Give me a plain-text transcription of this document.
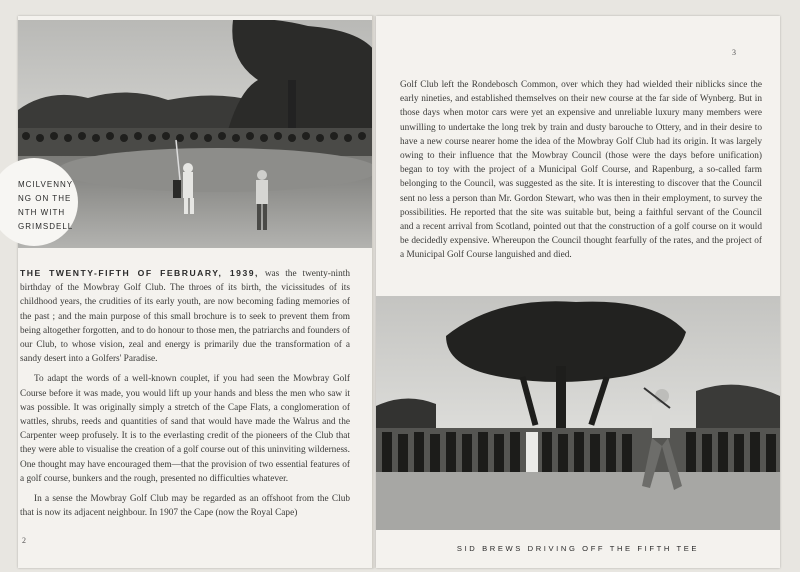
MCILVENNY
NG ON THE
NTH WITH
GRIMSDELL

THE TWENTY-FIFTH OF FEBRUARY, 1939, was the twenty-ninth birthday of the Mowbray Golf Club. The throes of its birth, the vicissitudes of its childhood years, the crudities of its early youth, are now becoming fading memories of the past ; and the main purpose of this small brochure is to seek to prevent them from being altogether forgotten, and to do honour to those men, the patriarchs and founders of our Club, to whose vision, zeal and energy is primarily due the transformation of a sandy desert into a Golfers' Paradise.

To adapt the words of a well-known couplet, if you had seen the Mowbray Golf Course before it was made, you would lift up your hands and bless the men who saw it was possible. It was originally simply a stretch of the Cape Flats, a conglomeration of wattles, shrubs, reeds and quantities of sand that would have made the Walrus and the Carpenter weep profusely. It is to the everlasting credit of the pioneers of the Club that they were able to visualise the creation of a golf course out of this uninviting wilderness. One thought may have encouraged them—that the provision of two essential features of a golf course, bunkers and the rough, presented no difficulties whatever.

In a sense the Mowbray Golf Club may be regarded as an offshoot from the Club that is now its adjacent neighbour. In 1907 the Cape (now the Royal Cape)

2
3

Golf Club left the Rondebosch Common, over which they had wielded their niblicks since the early nineties, and established themselves on their new course at the far side of Wynberg. But in those days when motor cars were yet an expensive and unreliable luxury many members were unwilling to undertake the long trek by train and dusty barouche to Ottery, and in their desire to have a new course nearer home the idea of the Mowbray Golf Club had its origin. It was largely owing to their influence that the Mowbray Council (those were the days before unification) began to toy with the project of a Municipal Golf Course, and Rapenburg, a so-called farm belonging to the Council, was suggested as the site. It is interesting to discover that the Council sent no less a person than Mr. Gordon Stewart, who was then in their employment, to survey the possibilities. He reported that the site was suitable but, being a faithful servant of the Council and a recent arrival from Scotland, pointed out that the construction of a golf course on it would be decidedly expensive. Whereupon the Council thought fearfully of the rates, and the project of a Municipal Golf Course languished and died.

SID BREWS DRIVING OFF THE FIFTH TEE
